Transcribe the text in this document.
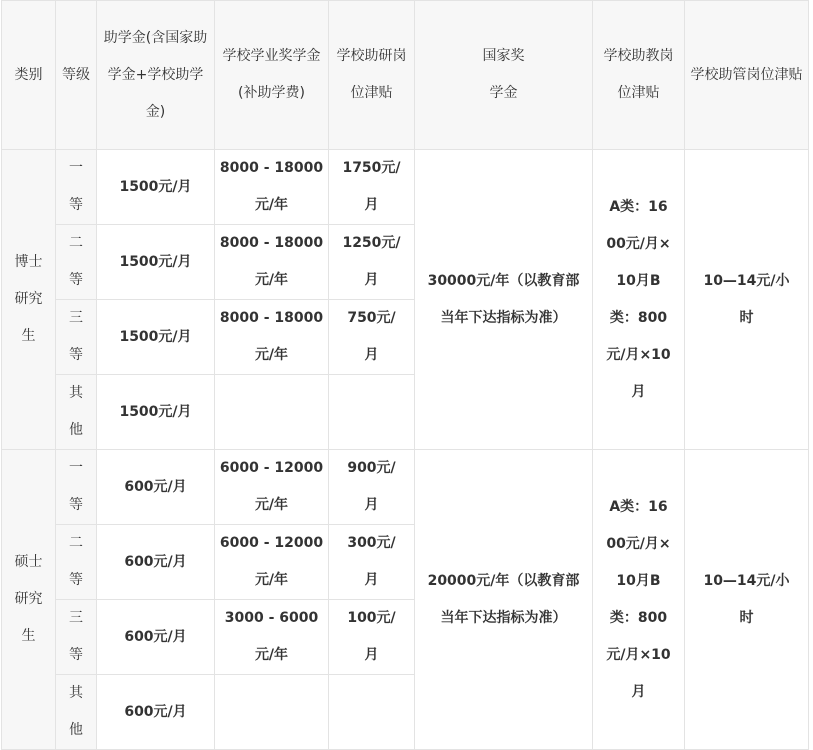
类别	等级	助学金(含国家助学金+学校助学金)	学校学业奖学金(补助学费)	学校助研岗位津贴	国家奖学金	学校助教岗位津贴	学校助管岗位津贴
博士研究生	一等	1500元/月	8000 - 18000元/年	1750元/月	30000元/年（以教育部当年下达指标为准）	A类：1600元/月×10月B类：800元/月×10月	10—14元/小时
	二等	1500元/月	8000 - 18000元/年	1250元/月			
	三等	1500元/月	8000 - 18000元/年	750元/月			
	其他	1500元/月					
硕士研究生	一等	600元/月	6000 - 12000元/年	900元/月	20000元/年（以教育部当年下达指标为准）	A类：1600元/月×10月B类：800元/月×10月	10—14元/小时
	二等	600元/月	6000 - 12000元/年	300元/月			
	三等	600元/月	3000 - 6000元/年	100元/月			
	其他	600元/月					
